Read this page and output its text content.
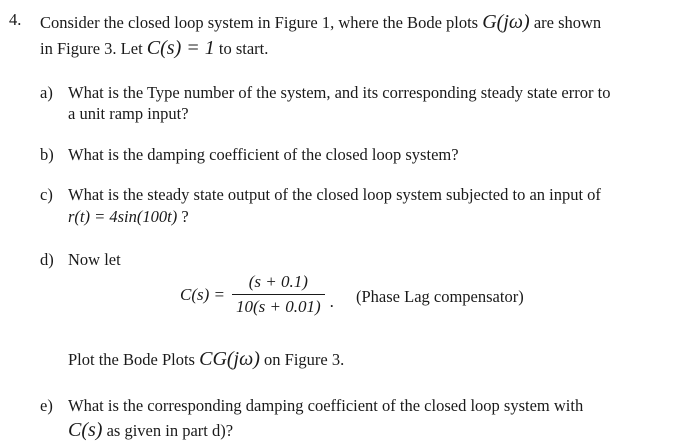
4. Consider the closed loop system in Figure 1, where the Bode plots G(jω) are shown
in Figure 3. Let C(s) = 1 to start.
a) What is the Type number of the system, and its corresponding steady state error to
a unit ramp input?
b) What is the damping coefficient of the closed loop system?
c) What is the steady state output of the closed loop system subjected to an input of
r(t) = 4sin(100t) ?
d) Now let
$C(s) = \frac{(s + 0.1)}{10(s + 0.01)}$ . (Phase Lag compensator)
Plot the Bode Plots CG(jω) on Figure 3.
e) What is the corresponding damping coefficient of the closed loop system with
C(s) as given in part d)?
